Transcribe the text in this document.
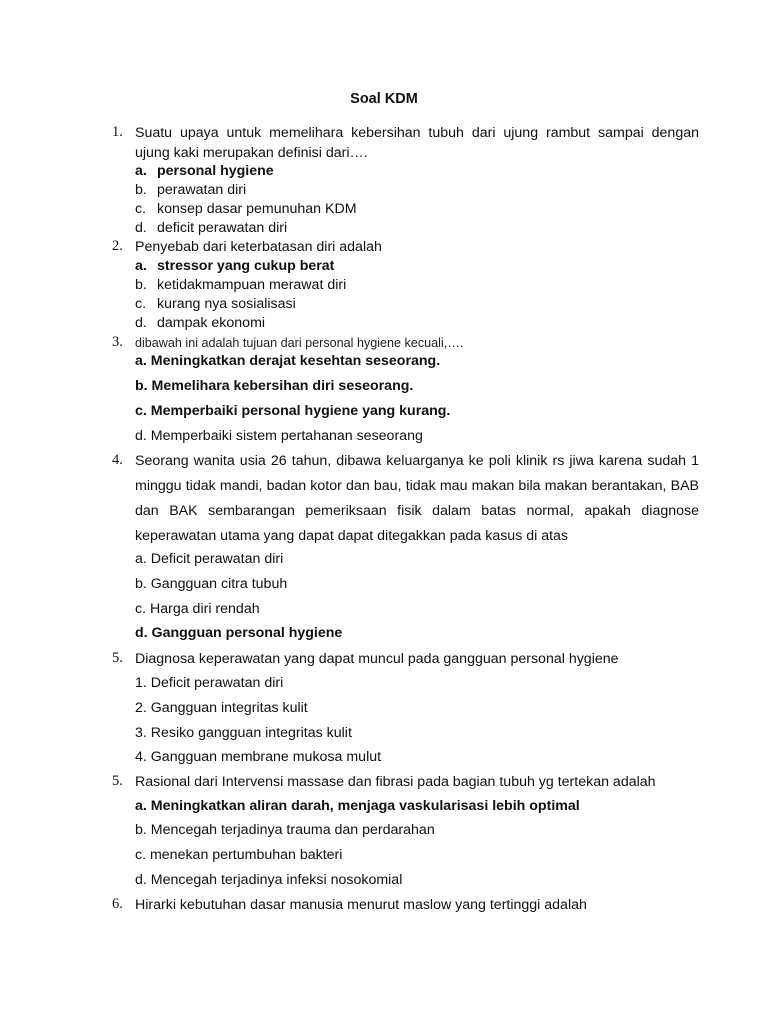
Soal KDM
1. Suatu upaya untuk memelihara kebersihan tubuh dari ujung rambut sampai dengan
ujung kaki merupakan definisi dari….
a. personal hygiene
b. perawatan diri
c. konsep dasar pemunuhan KDM
d. deficit perawatan diri
2. Penyebab dari keterbatasan diri adalah
a. stressor yang cukup berat
b. ketidakmampuan merawat diri
c. kurang nya sosialisasi
d. dampak ekonomi
3. dibawah ini adalah tujuan dari personal hygiene kecuali,….
a. Meningkatkan derajat kesehtan seseorang.
b. Memelihara kebersihan diri seseorang.
c. Memperbaiki personal hygiene yang kurang.
d. Memperbaiki sistem pertahanan seseorang
4. Seorang wanita usia 26 tahun, dibawa keluarganya ke poli klinik rs jiwa karena sudah 1
minggu tidak mandi, badan kotor dan bau, tidak mau makan bila makan berantakan, BAB
dan BAK sembarangan pemeriksaan fisik dalam batas normal, apakah diagnose
keperawatan utama yang dapat dapat ditegakkan pada kasus di atas
a. Deficit perawatan diri
b. Gangguan citra tubuh
c. Harga diri rendah
d. Gangguan personal hygiene
5. Diagnosa keperawatan yang dapat muncul pada gangguan personal hygiene
1. Deficit perawatan diri
2. Gangguan integritas kulit
3. Resiko gangguan integritas kulit
4. Gangguan membrane mukosa mulut
5. Rasional dari Intervensi massase dan fibrasi pada bagian tubuh yg tertekan adalah
a. Meningkatkan aliran darah, menjaga vaskularisasi lebih optimal
b. Mencegah terjadinya trauma dan perdarahan
c. menekan pertumbuhan bakteri
d. Mencegah terjadinya infeksi nosokomial
6. Hirarki kebutuhan dasar manusia menurut maslow yang tertinggi adalah
